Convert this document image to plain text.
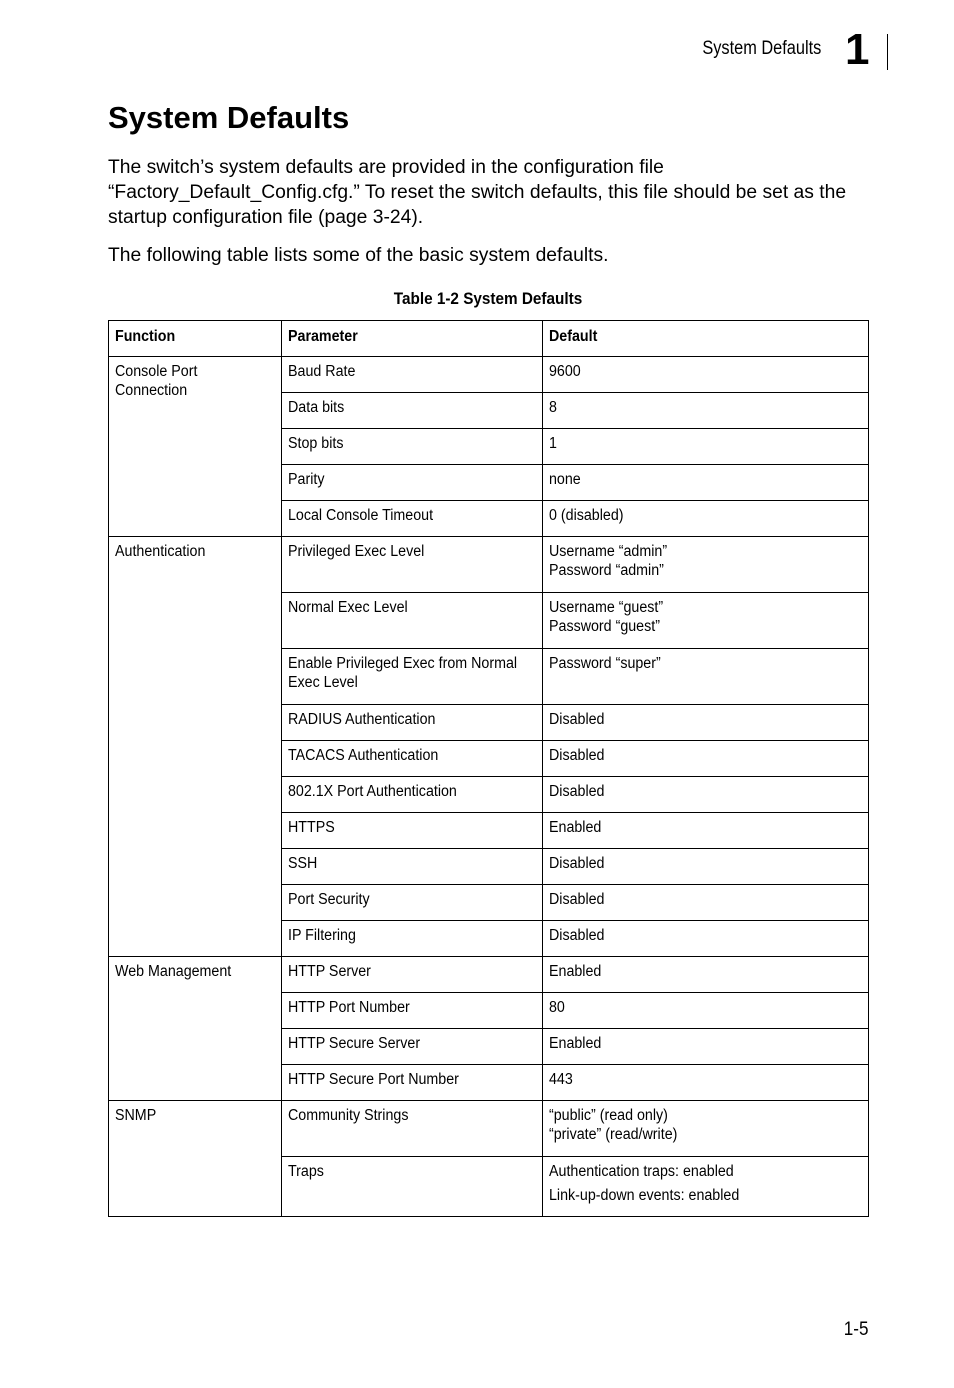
System Defaults 1
System Defaults

The switch’s system defaults are provided in the configuration file “Factory_Default_Config.cfg.” To reset the switch defaults, this file should be set as the startup configuration file (page 3-24).

The following table lists some of the basic system defaults.

Table 1-2 System Defaults
Function	Parameter	Default

Console Port Connection	Baud Rate	9600

	Data bits	8

	Stop bits	1

	Parity	none

	Local Console Timeout	0 (disabled)

Authentication	Privileged Exec Level	Username “admin”
Password “admin”

	Normal Exec Level	Username “guest”
Password “guest”

	Enable Privileged Exec from Normal Exec Level	Password “super”

	RADIUS Authentication	Disabled

	TACACS Authentication	Disabled

	802.1X Port Authentication	Disabled

	HTTPS	Enabled

	SSH	Disabled

	Port Security	Disabled

	IP Filtering	Disabled

Web Management	HTTP Server	Enabled

	HTTP Port Number	80

	HTTP Secure Server	Enabled

	HTTP Secure Port Number	443

SNMP	Community Strings	“public” (read only)
“private” (read/write)

	Traps	Authentication traps: enabled
Link-up-down events: enabled
1-5
